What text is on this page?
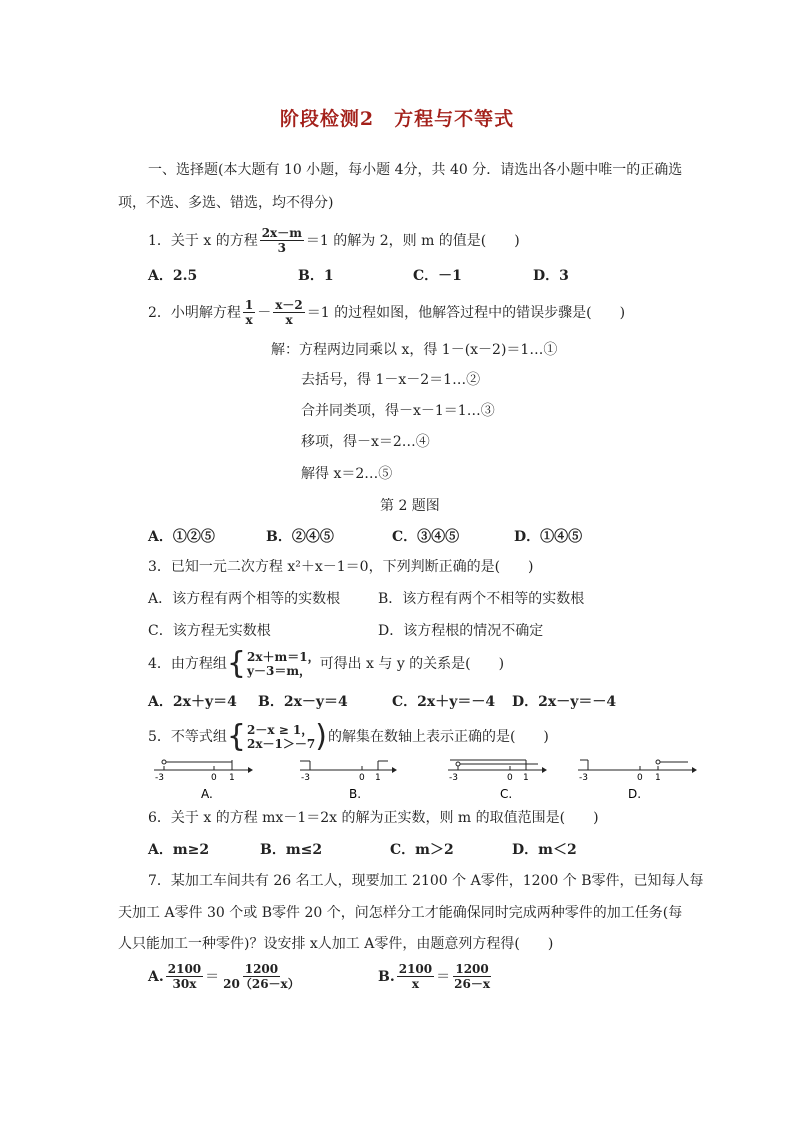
阶段检测2　方程与不等式
一、选择题(本大题有 10 小题，每小题 4分，共 40 分．请选出各小题中唯一的正确选
项，不选、多选、错选，均不得分)
1．关于 x 的方程 $\frac{2x-m}{3} =1$ 的解为 2，则 m 的值是(　　)
A．2.5	B．1	C．－1	D．3
2．小明解方程 $\frac{1}{x} - \frac{x-2}{x} =1$ 的过程如图，他解答过程中的错误步骤是(　　)
解：方程两边同乘以 x，得 1－(x－2)＝1…①
去括号，得 1－x－2＝1…②
合并同类项，得－x－1＝1…③
移项，得－x＝2…④
解得 x＝2…⑤
第 2 题图
A．①②⑤	B．②④⑤	C．③④⑤	D．①④⑤
3．已知一元二次方程 x²＋x－1＝0，下列判断正确的是(　　)
A．该方程有两个相等的实数根	B．该方程有两个不相等的实数根
C．该方程无实数根	D．该方程根的情况不确定
4．由方程组 { 2x＋m＝1，
y－3＝m， 可得出 x 与 y 的关系是(　　)
A．2x＋y＝4 B．2x－y＝4	C．2x＋y＝－4 D．2x－y＝－4
5．不等式组 { 2－x ≥ 1，
2x－1＞－7 ) 的解集在数轴上表示正确的是(　　)
-3	0 1
A.
-3	0 1
B.
-3	0 1
C.
-3	0 1
D.
6．关于 x 的方程 mx－1＝2x 的解为正实数，则 m 的取值范围是(　　)
A．m≥2	B．m≤2	C．m＞2	D．m＜2
7．某加工车间共有 26 名工人，现要加工 2100 个 A零件，1200 个 B零件，已知每人每
天加工 A零件 30 个或 B零件 20 个，问怎样分工才能确保同时完成两种零件的加工任务(每
人只能加工一种零件)？设安排 x人加工 A零件，由题意列方程得(　　)
A. $\frac{2100}{30x} = \frac{1200}{20(26-x)}$	B. $\frac{2100}{x} = \frac{1200}{26-x}$
